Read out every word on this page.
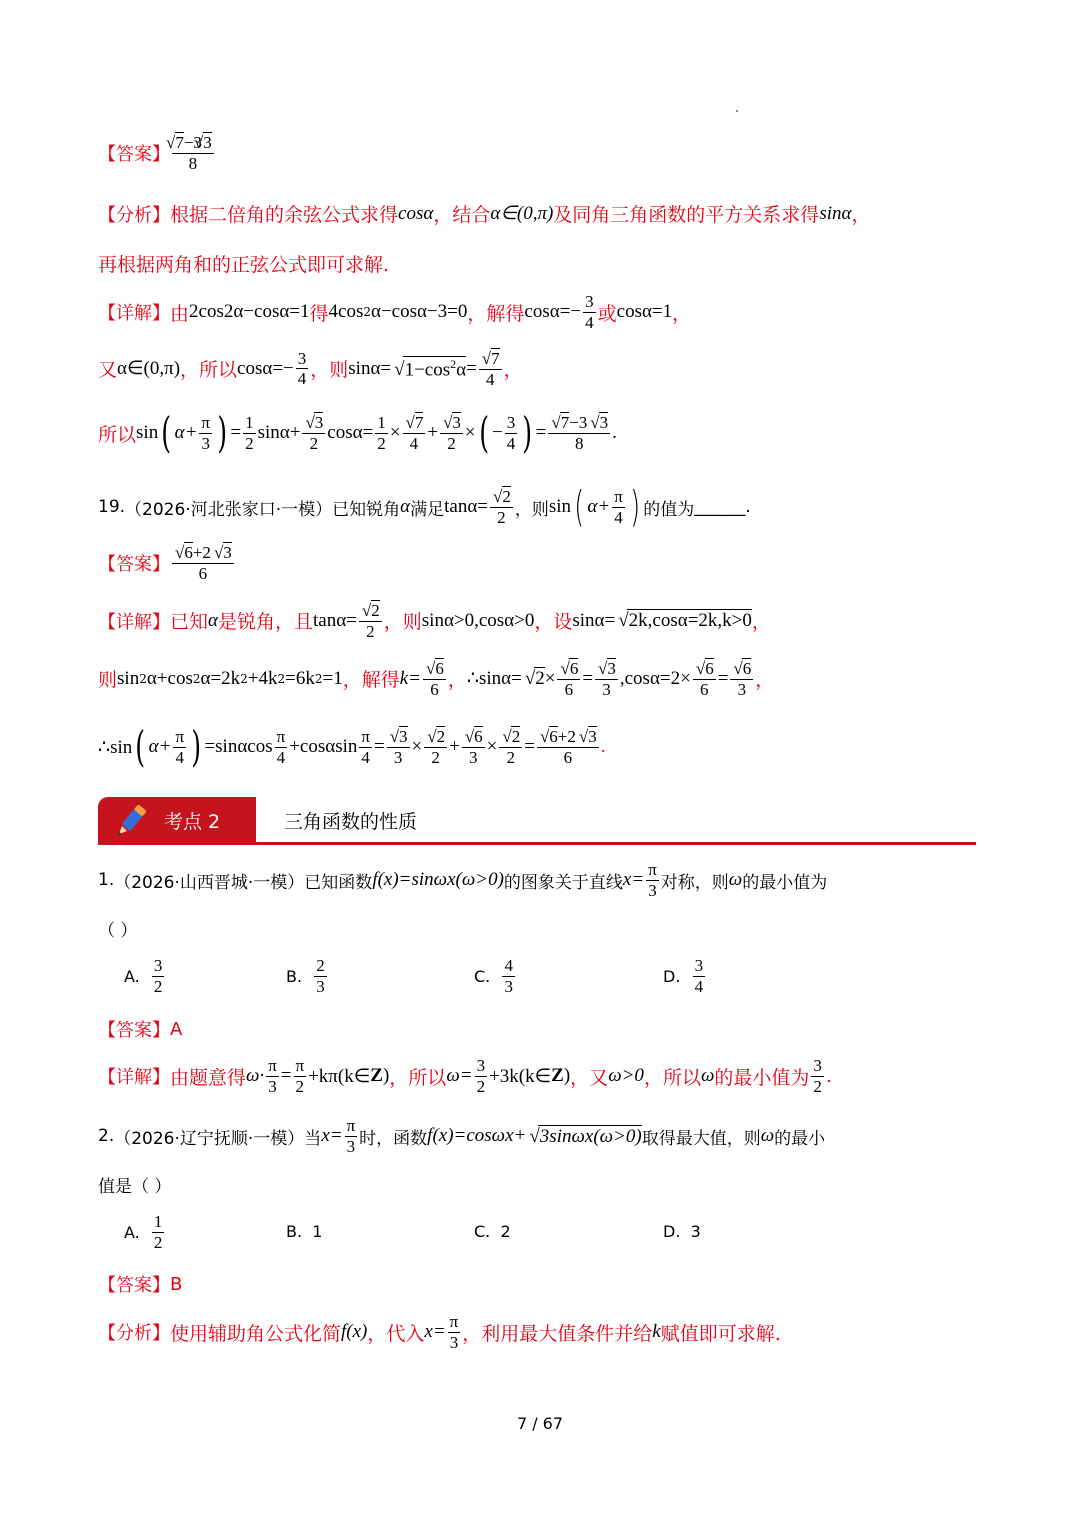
【答案】 √ $\frac{7-3√ 3}{8}$
【分析】 根据二倍角的余弦公式求得 cosα ，结合 α∈(0,π) 及同角三角函数的平方关系求得 sinα ，
再根据两角和的正弦公式即可求解.
【详解】 由 2cos2α−cosα=1 得 4cos 2 α−cosα−3=0 ，解得 $\cos\alpha=- \frac{3}{4}$ 或 cosα=1 ，
又 α∈(0,π) ，所以 $\cos\alpha=- \frac{3}{4}$ ，则 sinα= √ $1-\cos^2\alpha$ = √ $\frac{7}{4}$ ，
所以 sin ( $\alpha+ \frac{\pi}{3}$ ) = $\frac{1}{2} \sin\alpha+$ √ $\frac{3}{2} \cos\alpha= \frac{1}{2}$ × √ $\frac{7}{4}$ + √ $\frac{3}{2}$ × ( − $\frac{3}{4}$ ) = √ $\frac{7-3 √ 3}{8}$ .
19. （2026·河北张家口·一模）已知锐角 α 满足 tanα= √ $\frac{2}{2}$ ，则 sin ( $\alpha+ \frac{\pi}{4}$ ) 的值为 ______ .
【答案】 √ $\frac{6+2 √ 3}{6}$
【详解】 已知 α 是锐角，且 tanα= √ $\frac{2}{2}$ ，则 sinα>0,cosα>0 ，设 sinα= √ 2k,cosα=2k,k>0 ，
则 sin 2 α+cos 2 α=2k 2 +4k 2 =6k 2 =1 ，解得 k= √ $\frac{6}{6}$ ， ∴sinα= √ 2 × √ $\frac{6}{6}$ = √ $\frac{3}{3} ,\cos\alpha=2\times$ √ $\frac{6}{6}$ = √ $\frac{6}{3}$ ，
∴sin ( $\alpha+ \frac{\pi}{4}$ ) $=\sin\alpha\cos \frac{\pi}{4} +\cos\alpha\sin \frac{\pi}{4}$ = √ $\frac{3}{3}$ × √ $\frac{2}{2}$ + √ $\frac{6}{3}$ × √ $\frac{2}{2}$ = √ $\frac{6+2 √ 3}{6}$ .
考点 2	三角函数的性质
1. （2026·山西晋城·一模）已知函数 f(x)=sinωx(ω>0) 的图象关于直线 $x= \frac{\pi}{3}$ 对称，则 ω 的最小值为
（ ）
A.
$\frac{3}{2}$	B.
$\frac{2}{3}$	C.
$\frac{4}{3}$	D.
$\frac{3}{4}$
【答案】 A
【详解】 由题意得 $\omega\cdot \frac{\pi}{3} = \frac{\pi}{2}$ +kπ(k∈ Z ) ，所以 $\omega= \frac{3}{2}$ +3k(k∈ Z ) ，又 ω>0 ，所以 ω 的最小值为 $\frac{3}{2}$ .
2. （2026·辽宁抚顺·一模）当 $x= \frac{\pi}{3}$ 时，函数 f(x)=cosωx+ √ 3sinωx(ω>0) 取得最大值，则 ω 的最小
值是（ ）
A.
$\frac{1}{2}$	B.
1	C.
2	D.
3
【答案】 B
【分析】 使用辅助角公式化简 f(x) ，代入 $x= \frac{\pi}{3}$ ，利用最大值条件并给 k 赋值即可求解.
7 / 67
